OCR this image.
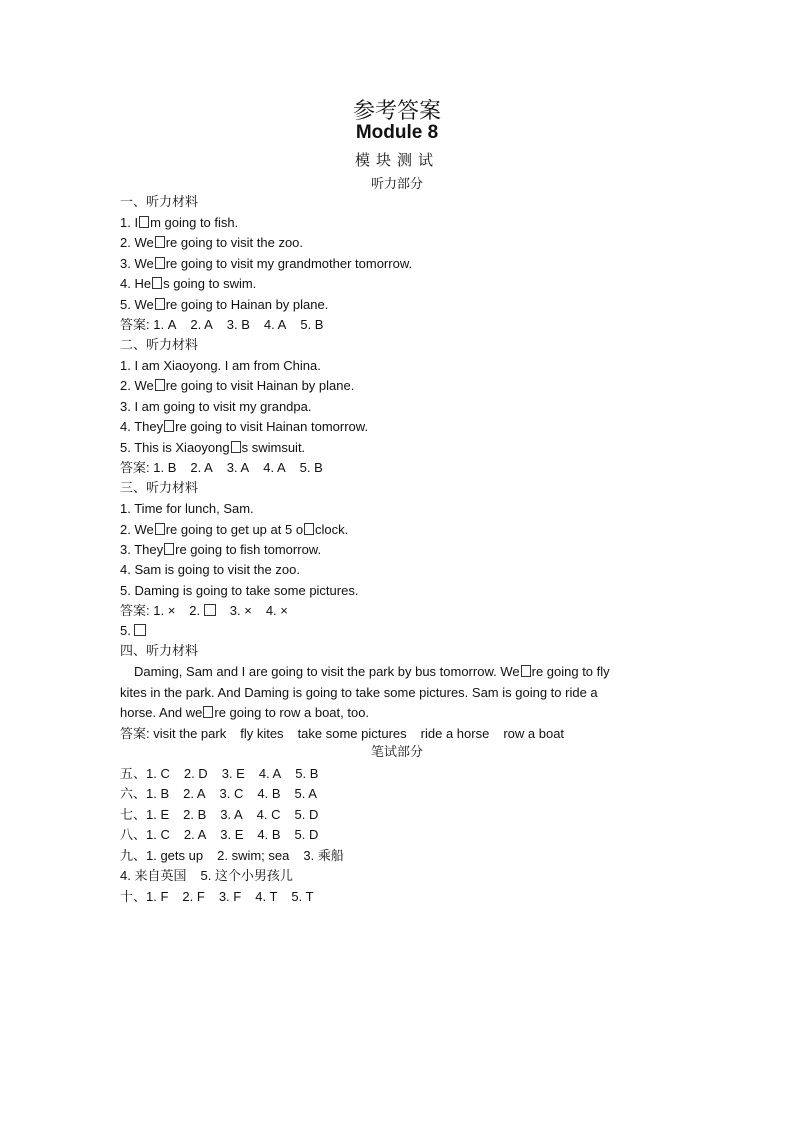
参考答案
Module 8
模块测试
听力部分
一、听力材料
1. I m going to fish.
2. We re going to visit the zoo.
3. We re going to visit my grandmother tomorrow.
4. He s going to swim.
5. We re going to Hainan by plane.
答案: 1. A 2. A 3. B 4. A 5. B
二、听力材料
1. I am Xiaoyong. I am from China.
2. We re going to visit Hainan by plane.
3. I am going to visit my grandpa.
4. They re going to visit Hainan tomorrow.
5. This is Xiaoyong s swimsuit.
答案: 1. B 2. A 3. A 4. A 5. B
三、听力材料
1. Time for lunch, Sam.
2. We re going to get up at 5 o clock.
3. They re going to fish tomorrow.
4. Sam is going to visit the zoo.
5. Daming is going to take some pictures.
答案: 1. × 2. 3. × 4. ×
5.
四、听力材料
Daming, Sam and I are going to visit the park by bus tomorrow. We re going to fly
kites in the park. And Daming is going to take some pictures. Sam is going to ride a
horse. And we re going to row a boat, too.
答案: visit the park fly kites take some pictures ride a horse row a boat
笔试部分
五、1. C 2. D 3. E 4. A 5. B
六、1. B 2. A 3. C 4. B 5. A
七、1. E 2. B 3. A 4. C 5. D
八、1. C 2. A 3. E 4. B 5. D
九、1. gets up 2. swim; sea 3. 乘船
4. 来自英国 5. 这个小男孩儿
十、1. F 2. F 3. F 4. T 5. T
